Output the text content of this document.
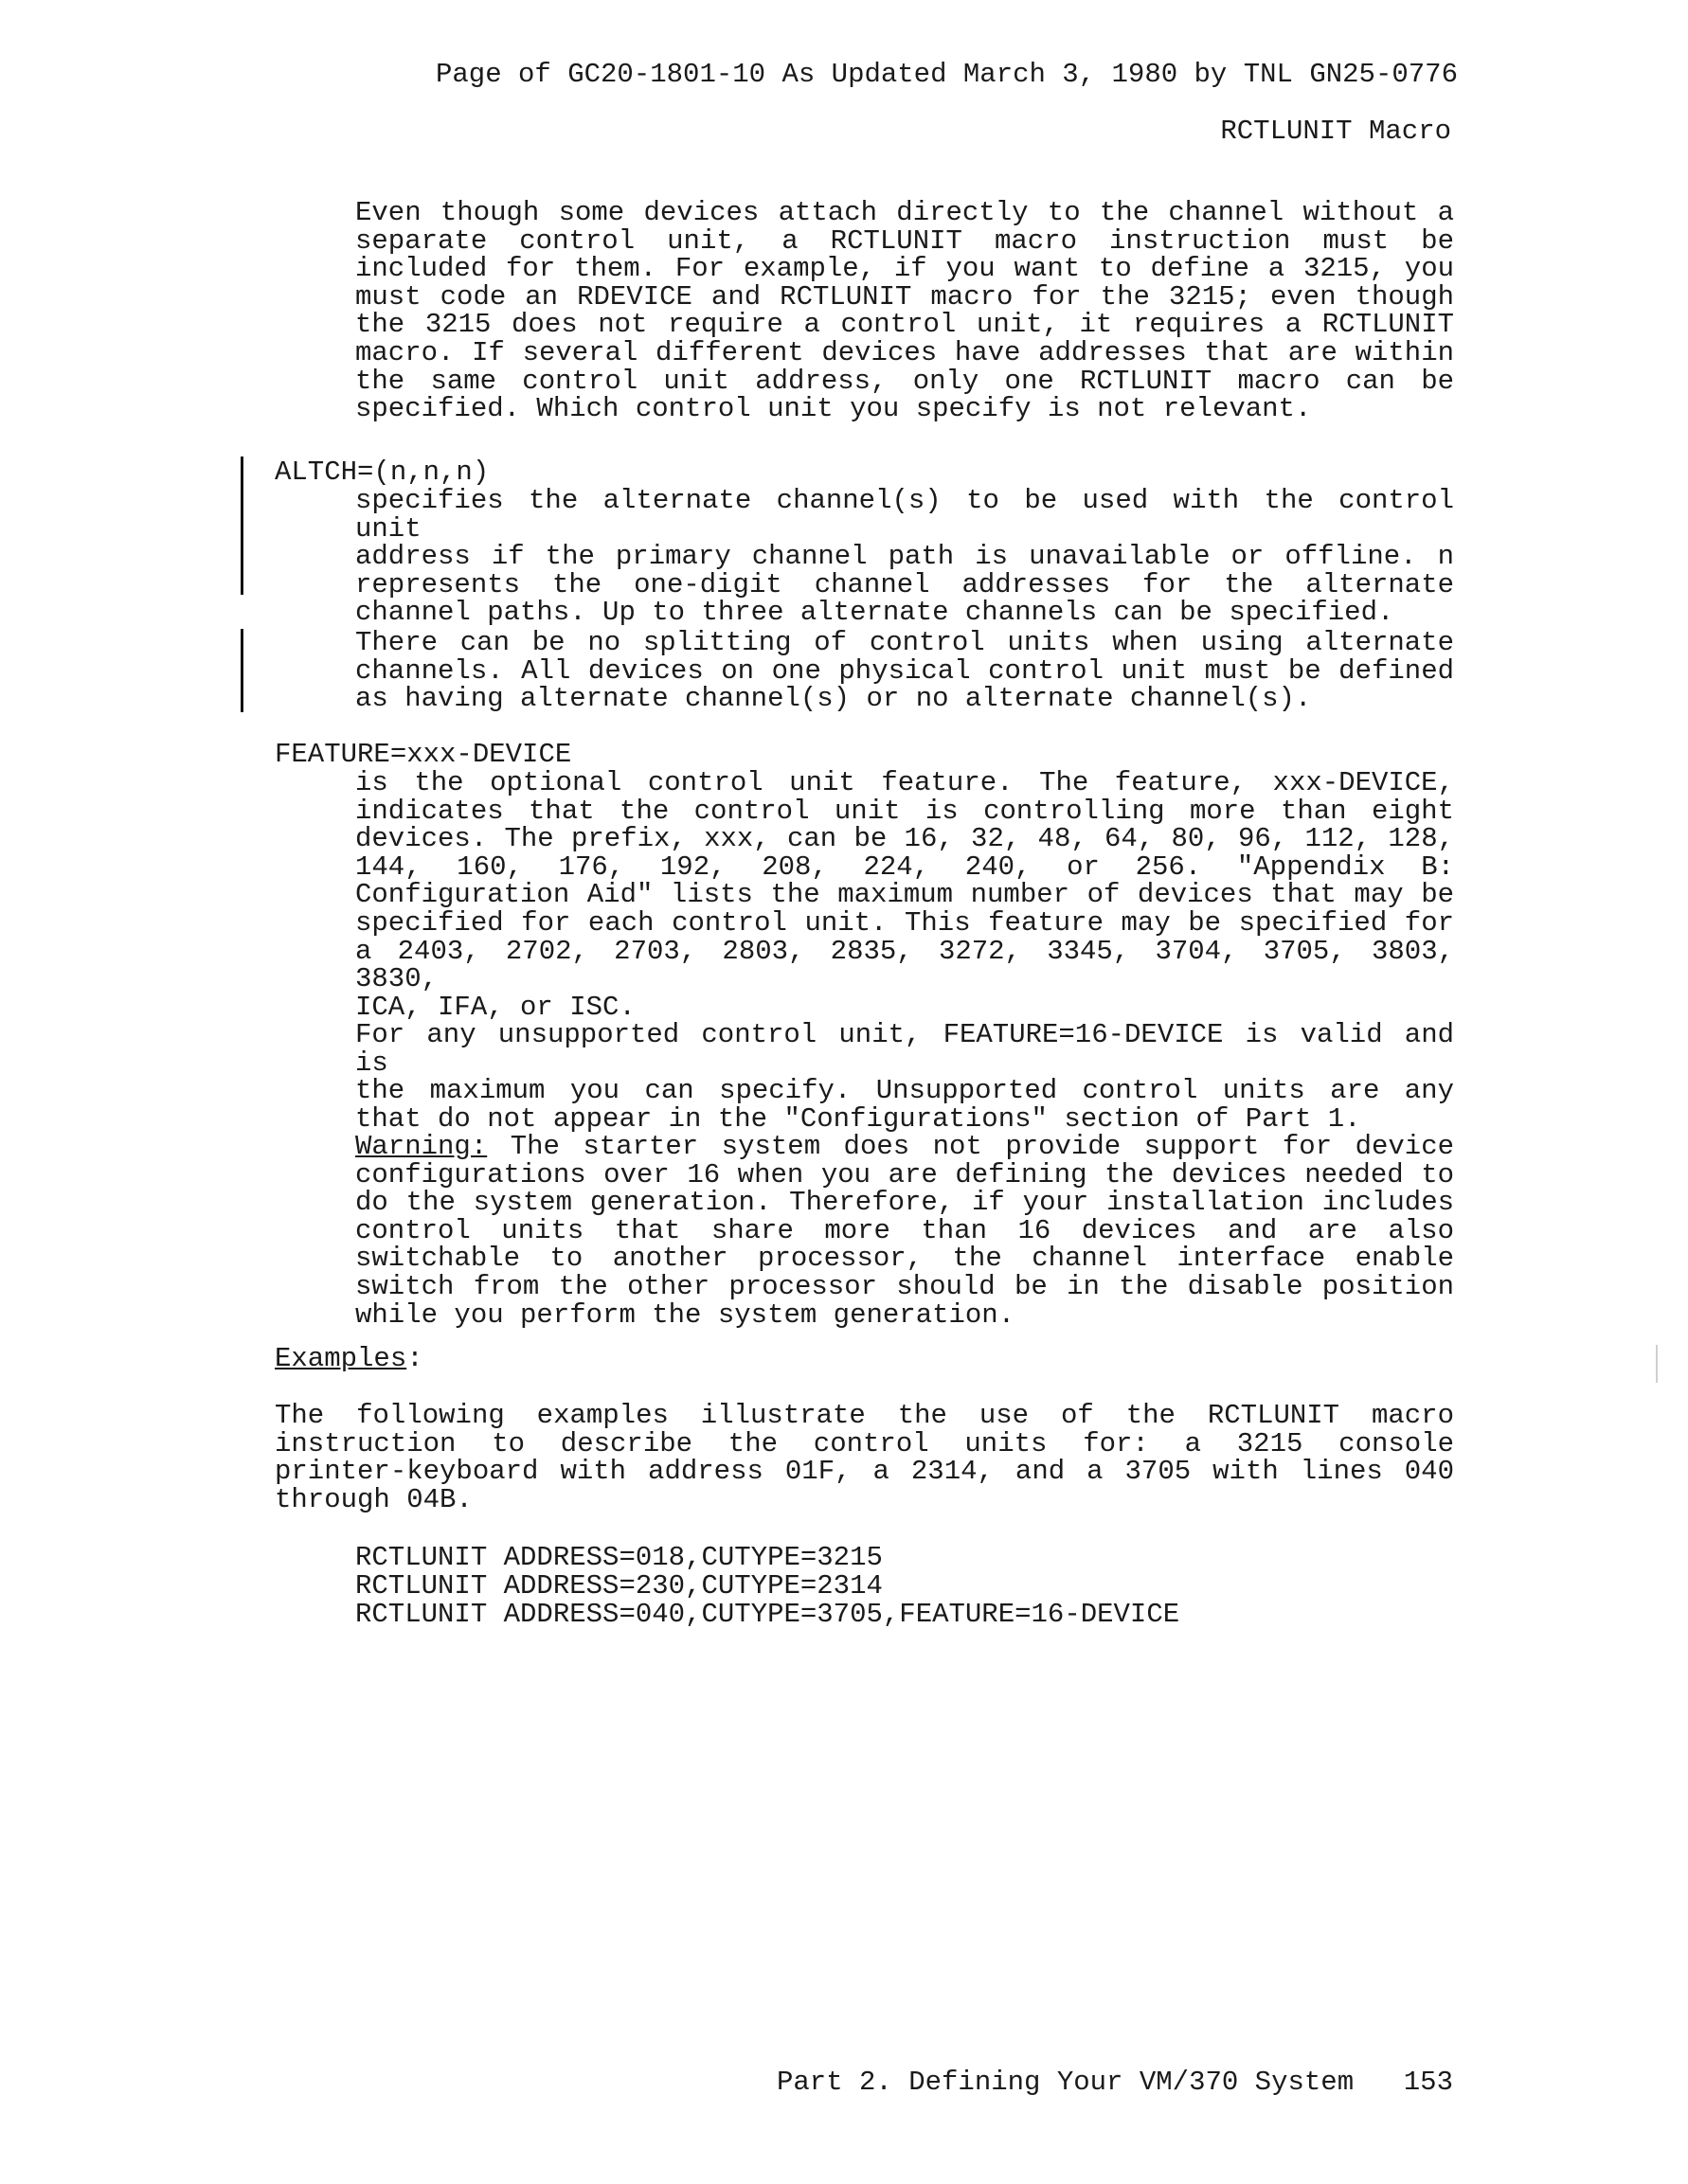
Page of GC20-1801-10 As Updated March 3, 1980 by TNL GN25-0776
RCTLUNIT Macro
Even though some devices attach directly to the channel without a
separate control unit, a RCTLUNIT macro instruction must be
included for them. For example, if you want to define a 3215, you
must code an RDEVICE and RCTLUNIT macro for the 3215; even though
the 3215 does not require a control unit, it requires a RCTLUNIT
macro. If several different devices have addresses that are within
the same control unit address, only one RCTLUNIT macro can be
specified. Which control unit you specify is not relevant.
ALTCH=(n,n,n)
specifies the alternate channel(s) to be used with the control unit
address if the primary channel path is unavailable or offline. n
represents the one-digit channel addresses for the alternate
channel paths. Up to three alternate channels can be specified.
There can be no splitting of control units when using alternate
channels. All devices on one physical control unit must be defined
as having alternate channel(s) or no alternate channel(s).
FEATURE=xxx-DEVICE
is the optional control unit feature. The feature, xxx-DEVICE,
indicates that the control unit is controlling more than eight
devices. The prefix, xxx, can be 16, 32, 48, 64, 80, 96, 112, 128,
144, 160, 176, 192, 208, 224, 240, or 256. "Appendix B:
Configuration Aid" lists the maximum number of devices that may be
specified for each control unit. This feature may be specified for
a 2403, 2702, 2703, 2803, 2835, 3272, 3345, 3704, 3705, 3803, 3830,
ICA, IFA, or ISC.
For any unsupported control unit, FEATURE=16-DEVICE is valid and is
the maximum you can specify. Unsupported control units are any
that do not appear in the "Configurations" section of Part 1.
Warning: The starter system does not provide support for device
configurations over 16 when you are defining the devices needed to
do the system generation. Therefore, if your installation includes
control units that share more than 16 devices and are also
switchable to another processor, the channel interface enable
switch from the other processor should be in the disable position
while you perform the system generation.
Examples:
The following examples illustrate the use of the RCTLUNIT macro
instruction to describe the control units for: a 3215 console
printer-keyboard with address 01F, a 2314, and a 3705 with lines 040
through 04B.
RCTLUNIT ADDRESS=018,CUTYPE=3215
RCTLUNIT ADDRESS=230,CUTYPE=2314
RCTLUNIT ADDRESS=040,CUTYPE=3705,FEATURE=16-DEVICE
Part 2. Defining Your VM/370 System 153
